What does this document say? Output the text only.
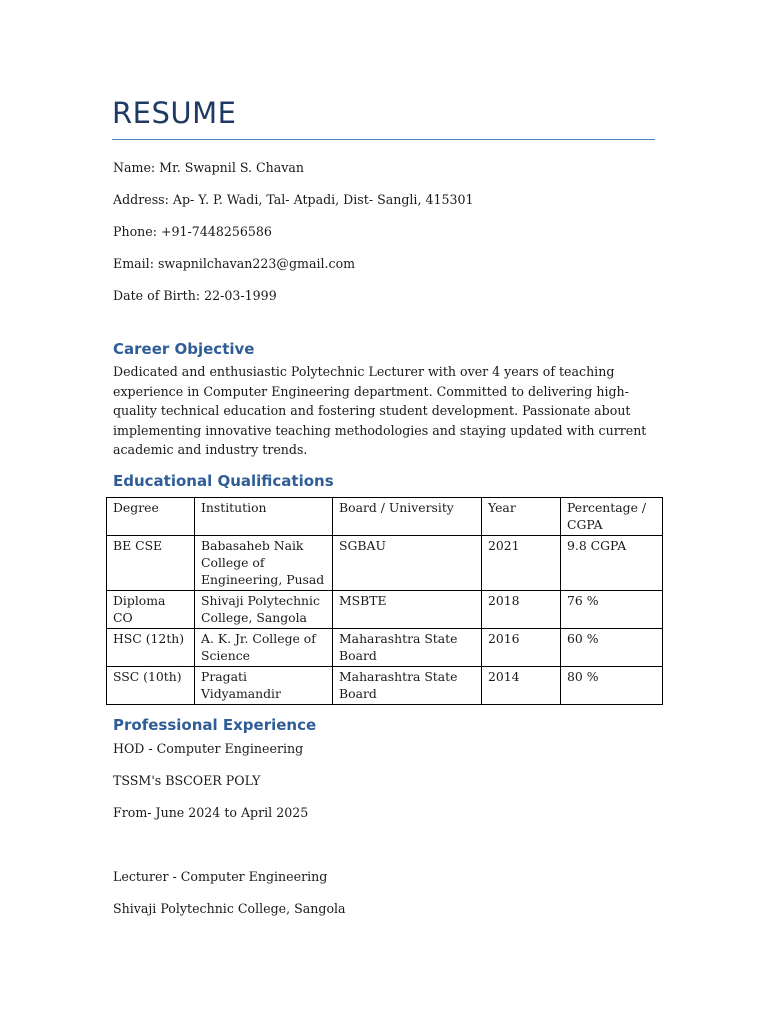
RESUME
Name: Mr. Swapnil S. Chavan
Address: Ap- Y. P. Wadi, Tal- Atpadi, Dist- Sangli, 415301
Phone: +91-7448256586
Email: swapnilchavan223@gmail.com
Date of Birth: 22-03-1999
Career Objective
Dedicated and enthusiastic Polytechnic Lecturer with over 4 years of teaching experience in Computer Engineering department. Committed to delivering high-quality technical education and fostering student development. Passionate about implementing innovative teaching methodologies and staying updated with current academic and industry trends.
Educational Qualifications
Degree	Institution	Board / University	Year	Percentage / CGPA
BE CSE	Babasaheb Naik College of Engineering, Pusad	SGBAU	2021	9.8 CGPA
Diploma CO	Shivaji Polytechnic College, Sangola	MSBTE	2018	76 %
HSC (12th)	A. K. Jr. College of Science	Maharashtra State Board	2016	60 %
SSC (10th)	Pragati Vidyamandir	Maharashtra State Board	2014	80 %
Professional Experience
HOD - Computer Engineering
TSSM's BSCOER POLY
From- June 2024 to April 2025
Lecturer - Computer Engineering
Shivaji Polytechnic College, Sangola
